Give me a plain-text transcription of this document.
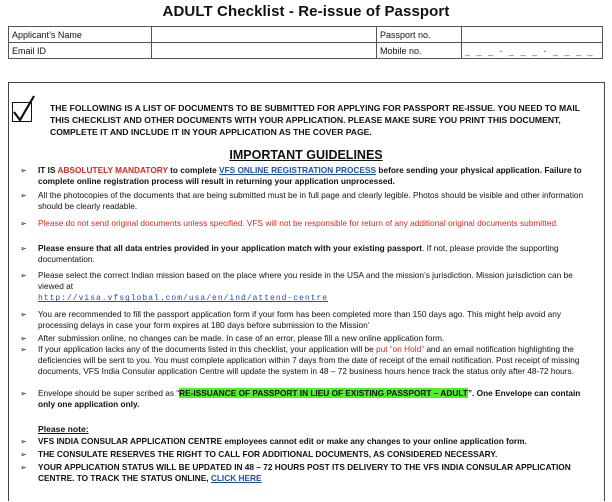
ADULT Checklist - Re-issue of Passport
Applicant’s Name		Passport no.	
Email ID		Mobile no.	_ _ _ - _ _ _ - _ _ _ _
THE FOLLOWING IS A LIST OF DOCUMENTS TO BE SUBMITTED FOR APPLYING FOR PASSPORT RE-ISSUE. YOU NEED TO MAIL THIS CHECKLIST AND OTHER DOCUMENTS WITH YOUR APPLICATION. PLEASE MAKE SURE YOU PRINT THIS DOCUMENT, COMPLETE IT AND INCLUDE IT IN YOUR APPLICATION AS THE COVER PAGE.
IMPORTANT GUIDELINES
➢	IT IS ABSOLUTELY MANDATORY to complete VFS ONLINE REGISTRATION PROCESS before sending your physical application. Failure to complete online registration process will result in returning your application unprocessed.
➢	All the photocopies of the documents that are being submitted must be in full page and clearly legible. Photos should be visible and other information should be clearly readable.
➢	Please do not send original documents unless specified. VFS will not be responsible for return of any additional original documents submitted.
➢	Please ensure that all data entries provided in your application match with your existing passport. If not, please provide the supporting documentation.
➢	Please select the correct Indian mission based on the place where you reside in the USA and the mission’s jurisdiction. Mission jurisdiction can be viewed at
http://visa.vfsglobal.com/usa/en/ind/attend-centre
➢	You are recommended to fill the passport application form if your form has been completed more than 150 days ago. This might help avoid any processing delays in case your form expires at 180 days before submission to the Mission’
➢	After submission online, no changes can be made. In case of an error, please fill a new online application form.
➢	If your application lacks any of the documents listed in this checklist, your application will be put “on Hold” and an email notification highlighting the deficiencies will be sent to you. You must complete application within 7 days from the date of receipt of the email notification. Post receipt of missing documents, VFS India Consular application Centre will update the system in 48 – 72 business hours hence track the status only after 48-72 hours.
➢	Envelope should be super scribed as “RE-ISSUANCE OF PASSPORT IN LIEU OF EXISTING PASSPORT – ADULT”. One Envelope can contain only one application only.
Please note:
➢	VFS INDIA CONSULAR APPLICATION CENTRE employees cannot edit or make any changes to your online application form.
➢	THE CONSULATE RESERVES THE RIGHT TO CALL FOR ADDITIONAL DOCUMENTS, AS CONSIDERED NECESSARY.
➢	YOUR APPLICATION STATUS WILL BE UPDATED IN 48 – 72 HOURS POST ITS DELIVERY TO THE VFS INDIA CONSULAR APPLICATION CENTRE. TO TRACK THE STATUS ONLINE, CLICK HERE
